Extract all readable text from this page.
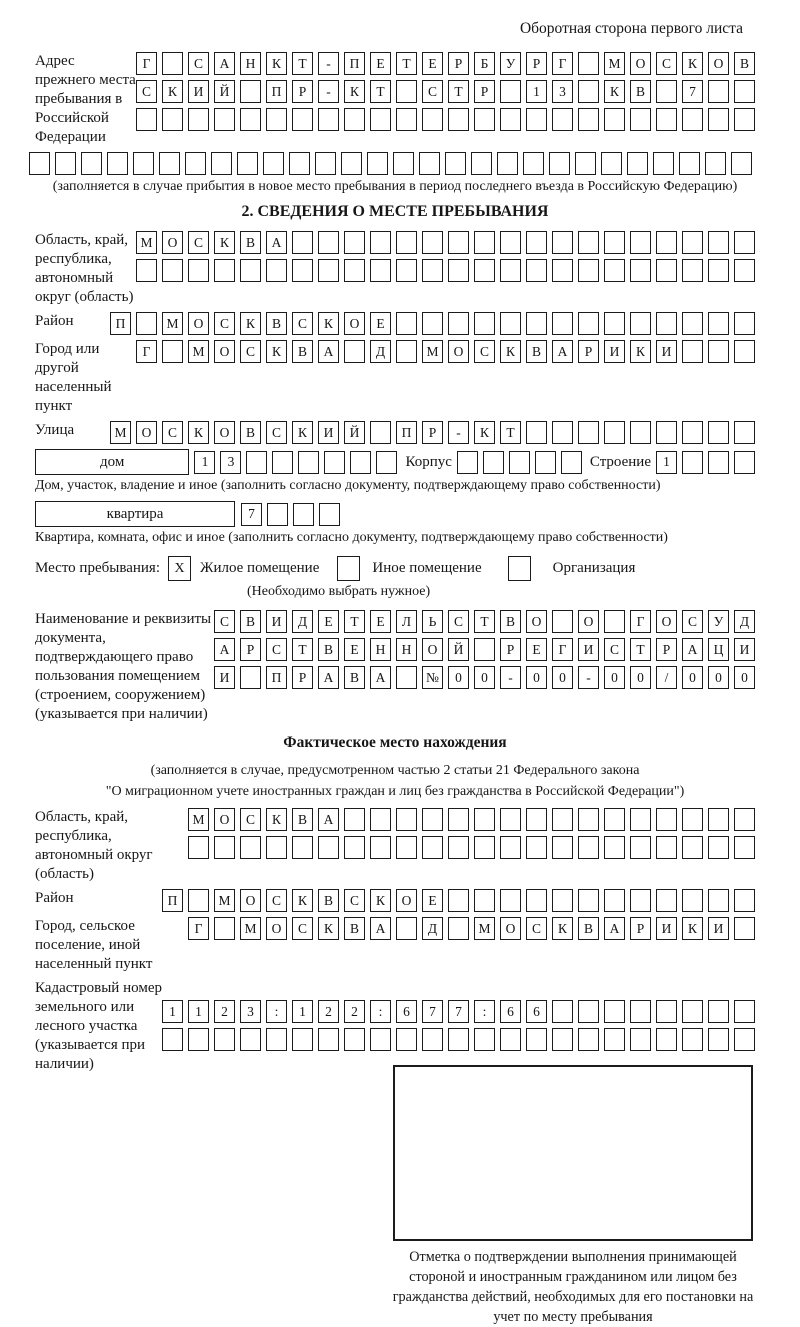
Оборотная сторона первого листа
Адрес прежнего места пребывания в Российской Федерации
Г	С	А	Н	К	Т	-	П	Е	Т	Е	Р	Б	У	Р	Г	М	О	С	К	О	В
С	К	И	Й	П	Р	-	К	Т	С	Т	Р	1	3	К	В	7
(заполняется в случае прибытия в новое место пребывания в период последнего въезда в Российскую Федерацию)
2. СВЕДЕНИЯ О МЕСТЕ ПРЕБЫВАНИЯ
Область, край, республика, автономный округ (область)
М	О	С	К	В	А
Район	П	М	О	С	К	В	С	К	О	Е
Город или другой населенный пункт
Г	М	О	С	К	В	А	Д	М	О	С	К	В	А	Р	И	К	И
Улица	М	О	С	К	О	В	С	К	И	Й	П	Р	-	К	Т
дом	1	3	Корпус	Строение 1
Дом, участок, владение и иное (заполнить согласно документу, подтверждающему право собственности)
квартира	7
Квартира, комната, офис и иное (заполнить согласно документу, подтверждающему право собственности)
Место пребывания:	X	Жилое помещение	Иное помещение	Организация
(Необходимо выбрать нужное)
Наименование и реквизиты документа, подтверждающего право пользования помещением (строением, сооружением) (указывается при наличии)
С	В	И	Д	Е	Т	Е	Л	Ь	С	Т	В	О	О	Г	О	С	У	Д
А	Р	С	Т	В	Е	Н	Н	О	Й	Р	Е	Г	И	С	Т	Р	А	Ц	И
И	П	Р	А	В	А	№	0	0	-	0	0	-	0	0	/	0	0	0
Фактическое место нахождения
(заполняется в случае, предусмотренном частью 2 статьи 21 Федерального закона
"О миграционном учете иностранных граждан и лиц без гражданства в Российской Федерации")
Область, край, республика, автономный округ (область)
М	О	С	К	В	А
Район	П	М	О	С	К	В	С	К	О	Е
Город, сельское поселение, иной населенный пункт
Г	М	О	С	К	В	А	Д	М	О	С	К	В	А	Р	И	К	И
Кадастровый номер земельного или лесного участка (указывается при наличии)
1	1	2	3	:	1	2	2	:	6	7	7	:	6	6
Отметка о подтверждении выполнения принимающей стороной и иностранным гражданином или лицом без гражданства действий, необходимых для его постановки на учет по месту пребывания
